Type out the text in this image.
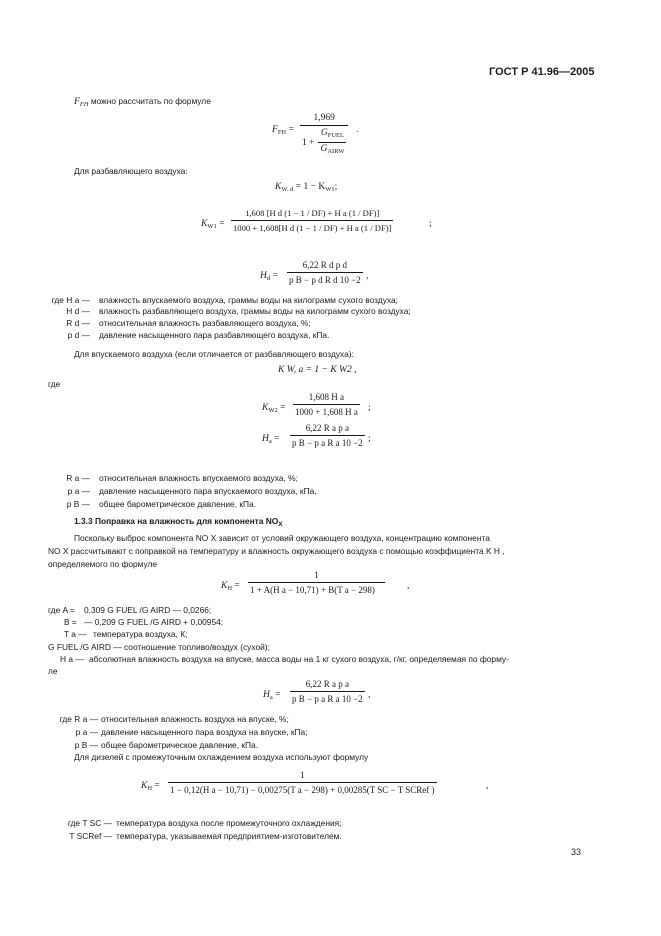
ГОСТ Р 41.96—2005
$F_{FH}$ можно рассчитать по формуле
$F_{FH}$ =
1,969
1 +
$G_{FUEL}$
$G_{AIRW}$
.
Для разбавляющего воздуха:
$K_{W. d} = 1 - K_{W1}$;
$K_{W1} = \frac{\text{1,608 [H d (1 − 1 / DF) + H a (1 / DF)]}}{\text{1000 + 1,608[H d (1 − 1 / DF) + H a (1 / DF)]}}$	;
$H_d = \frac{\text{6,22 R d p d}}{\text{p B − p d R d 10 −2}}$ ,
где H a — влажность впускаемого воздуха, граммы воды на килограмм сухого воздуха;
H d — влажность разбавляющего воздуха, граммы воды на килограмм сухого воздуха;
R d — относительная влажность разбавляющего воздуха, %;
p d — давление насыщенного пара разбавляющего воздуха, кПа.
Для впускаемого воздуха (если отличается от разбавляющего воздуха):
K W, a = 1 − K W2 ,
где
$K_{W2} = \frac{\text{1,608 H a}}{\text{1000 + 1,608 H a}}$ ;
$H_a = \frac{\text{6,22 R a p a}}{\text{p B − p a R a 10 −2}}$ ;
R a — относительная влажность впускаемого воздуха, %;
p a — давление насыщенного пара впускаемого воздуха, кПа,
p B — общее барометрическое давление, кПа.
1.3.3 Поправка на влажность для компонента $NO_X$
Поскольку выброс компонента NO X зависит от условий окружающего воздуха, концентрацию компонента
NO X рассчитывают с поправкой на температуру и влажность окружающего воздуха с помощью коэффициента K H ,
определяемого по формуле
$K_H = \frac{1}{\text{1 + A(H a − 10,71) + B(T a − 298)}}$ ,
где A = 0,309 G FUEL /G AIRD — 0,0266;
B = — 0,209 G FUEL /G AIRD + 0,00954;
T a — температура воздуха, К;
G FUEL /G AIRD — соотношение топливо/воздух (сухой);
H a — абсолютная влажность воздуха на впуске, масса воды на 1 кг сухого воздуха, г/кг, определяемая по форму-
ле
$H_a = \frac{\text{6,22 R a p a}}{\text{p B − p a R a 10 −2}}$ ,
где R a — относительная влажность воздуха на впуске, %;
p a — давление насыщенного пара воздуха на впуске, кПа;
p B — общее барометрическое давление, кПа.
Для дизелей с промежуточным охлаждением воздуха используют формулу
$K_H$ =
1
1 − 0,12(H a − 10,71) − 0,00275(T a − 298) + 0,00285(T SC − T SCRef )	,
где T SC — температура воздуха после промежуточного охлаждения;
T SCRef — температура, указываемая предприятием-изготовителем.
33
